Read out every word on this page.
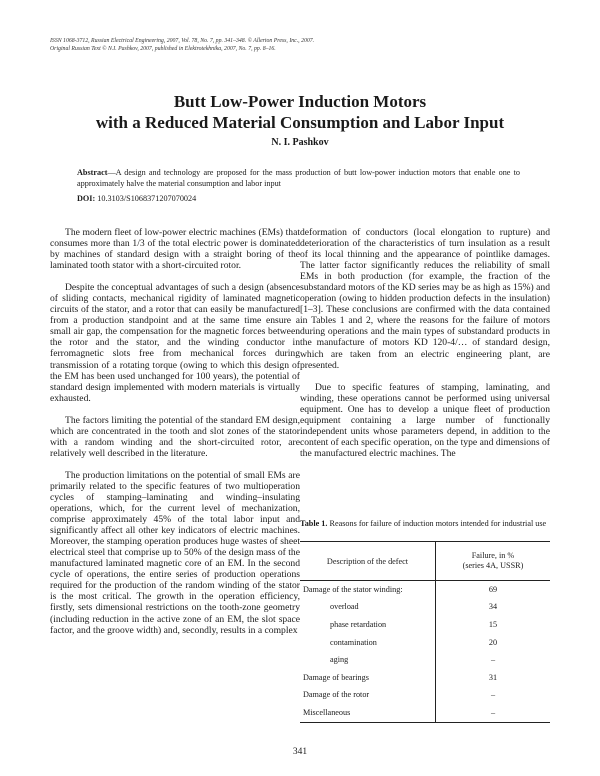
ISSN 1068-3712, Russian Electrical Engineering, 2007, Vol. 78, No. 7, pp. 341–348. © Allerton Press, Inc., 2007.
Original Russian Text © N.I. Pashkov, 2007, published in Elektrotekhnika, 2007, No. 7, pp. 8–16.
Butt Low-Power Induction Motors
with a Reduced Material Consumption and Labor Input
N. I. Pashkov
Abstract—A design and technology are proposed for the mass production of butt low-power induction motors that enable one to approximately halve the material consumption and labor input
DOI: 10.3103/S1068371207070024

The modern fleet of low-power electric machines (EMs) that consumes more than 1/3 of the total electric power is dominated by machines of standard design with a straight boring of the laminated tooth stator with a short-circuited rotor.

Despite the conceptual advantages of such a design (absence of sliding contacts, mechanical rigidity of laminated magnetic circuits of the stator, and a rotor that can easily be manufactured from a production standpoint and at the same time ensure a small air gap, the compensation for the magnetic forces between the rotor and the stator, and the winding conductor in ferromagnetic slots free from mechanical forces during transmission of a rotating torque (owing to which this design of the EM has been used unchanged for 100 years), the potential of standard design implemented with modern materials is virtually exhausted.

The factors limiting the potential of the standard EM design, which are concentrated in the tooth and slot zones of the stator with a random winding and the short-circuited rotor, are relatively well described in the literature.

The production limitations on the potential of small EMs are primarily related to the specific features of two multioperation cycles of stamping–laminating and winding–insulating operations, which, for the current level of mechanization, comprise approximately 45% of the total labor input and significantly affect all other key indicators of electric machines. Moreover, the stamping operation produces huge wastes of sheet electrical steel that comprise up to 50% of the design mass of the manufactured laminated magnetic core of an EM. In the second cycle of operations, the entire series of production operations required for the production of the random winding of the stator is the most critical. The growth in the operation efficiency, firstly, sets dimensional restrictions on the tooth-zone geometry (including reduction in the active zone of an EM, the slot space factor, and the groove width) and, secondly, results in a complex

deformation of conductors (local elongation to rupture) and deterioration of the characteristics of turn insulation as a result of its local thinning and the appearance of pointlike damages. The latter factor significantly reduces the reliability of small EMs in both production (for example, the fraction of the substandard motors of the KD series may be as high as 15%) and operation (owing to hidden production defects in the insulation) [1–3]. These conclusions are confirmed with the data contained in Tables 1 and 2, where the reasons for the failure of motors during operations and the main types of substandard products in the manufacture of motors KD 120-4/… of standard design, which are taken from an electric engineering plant, are presented.

Due to specific features of stamping, laminating, and winding, these operations cannot be performed using universal equipment. One has to develop a unique fleet of production equipment containing a large number of functionally independent units whose parameters depend, in addition to the content of each specific operation, on the type and dimensions of the manufactured electric machines. The

Table 1. Reasons for failure of induction motors intended for industrial use
Description of the defect	Failure, in %
(series 4A, USSR)

Damage of the stator winding:	69
overload	34
phase retardation	15
contamination	20
aging	–
Damage of bearings	31
Damage of the rotor	–
Miscellaneous	–
341
